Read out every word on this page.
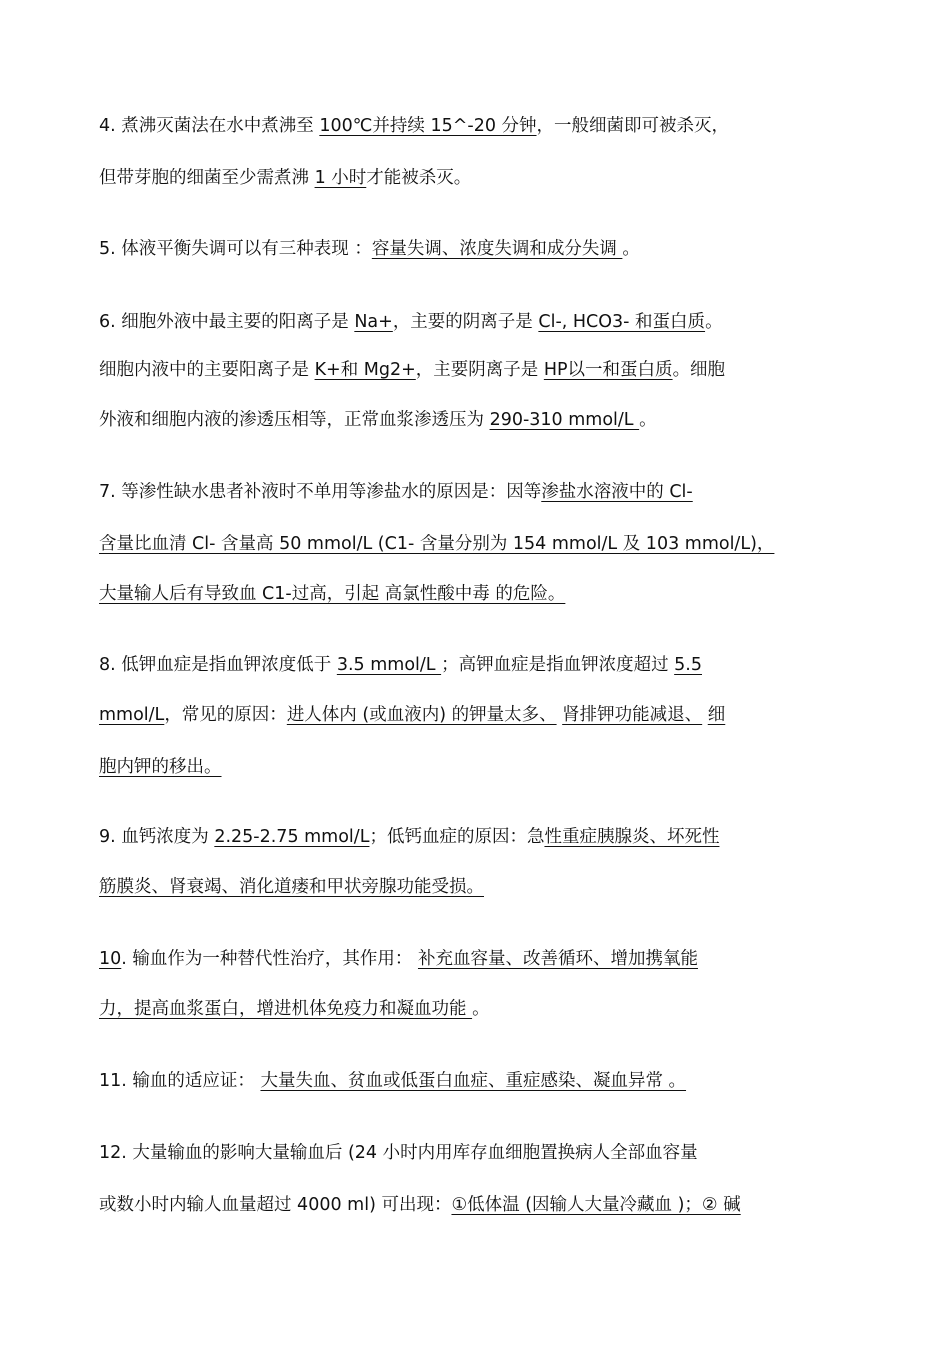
4. 煮沸灭菌法在水中煮沸至 100℃并持续 15^-20 分钟，一般细菌即可被杀灭，
但带芽胞的细菌至少需煮沸 1 小时才能被杀灭。
5. 体液平衡失调可以有三种表现 ：容量失调、浓度失调和成分失调 。
6. 细胞外液中最主要的阳离子是 Na+，主要的阴离子是 Cl-, HCO3- 和蛋白质。
细胞内液中的主要阳离子是 K+和 Mg2+，主要阴离子是 HP以一和蛋白质。细胞
外液和细胞内液的渗透压相等，正常血浆渗透压为 290-310 mmol/L 。
7. 等渗性缺水患者补液时不单用等渗盐水的原因是：因等渗盐水溶液中的 Cl-
含量比血清 Cl- 含量高 50 mmol/L (C1- 含量分别为 154 mmol/L 及 103 mmol/L)，
大量输人后有导致血 C1-过高，引起 高氯性酸中毒 的危险。
8. 低钾血症是指血钾浓度低于 3.5 mmol/L ；高钾血症是指血钾浓度超过 5.5
mmol/L，常见的原因：进人体内 (或血液内) 的钾量太多、 肾排钾功能减退、 细
胞内钾的移出。
9. 血钙浓度为 2.25-2.75 mmol/L；低钙血症的原因：急性重症胰腺炎、坏死性
筋膜炎、肾衰竭、消化道瘘和甲状旁腺功能受损。
10. 输血作为一种替代性治疗，其作用： 补充血容量、改善循环、增加携氧能
力，提高血浆蛋白，增进机体免疫力和凝血功能 。
11. 输血的适应证： 大量失血、贫血或低蛋白血症、重症感染、凝血异常 。
12. 大量输血的影响大量输血后 (24 小时内用库存血细胞置换病人全部血容量
或数小时内输人血量超过 4000 ml) 可出现：①低体温 (因输人大量冷藏血 )；② 碱
